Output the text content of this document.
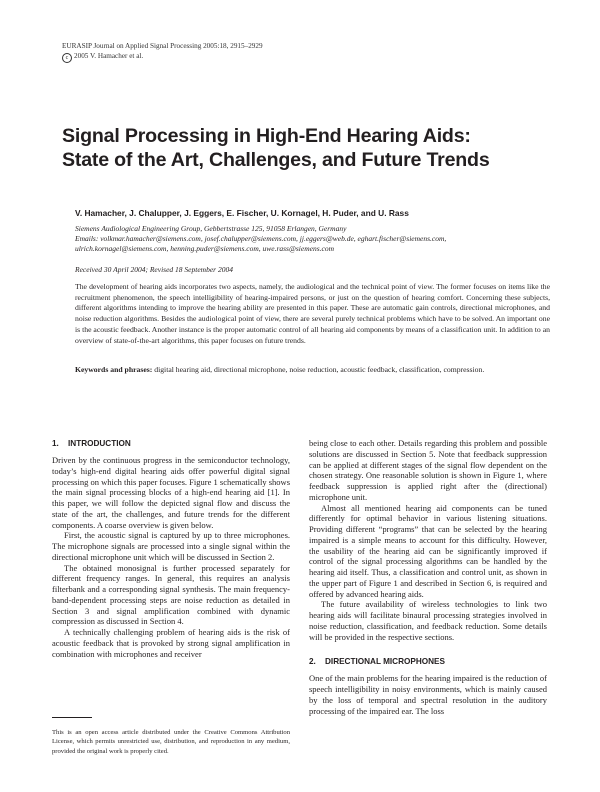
EURASIP Journal on Applied Signal Processing 2005:18, 2915–2929
c 2005 V. Hamacher et al.
Signal Processing in High-End Hearing Aids:
State of the Art, Challenges, and Future Trends
V. Hamacher, J. Chalupper, J. Eggers, E. Fischer, U. Kornagel, H. Puder, and U. Rass
Siemens Audiological Engineering Group, Gebbertstrasse 125, 91058 Erlangen, Germany
Emails: volkmar.hamacher@siemens.com, josef.chalupper@siemens.com, jj.eggers@web.de, eghart.fischer@siemens.com,
ulrich.kornagel@siemens.com, henning.puder@siemens.com, uwe.rass@siemens.com
Received 30 April 2004; Revised 18 September 2004

The development of hearing aids incorporates two aspects, namely, the audiological and the technical point of view. The former focuses on items like the recruitment phenomenon, the speech intelligibility of hearing-impaired persons, or just on the question of hearing comfort. Concerning these subjects, different algorithms intending to improve the hearing ability are presented in this paper. These are automatic gain controls, directional microphones, and noise reduction algorithms. Besides the audiological point of view, there are several purely technical problems which have to be solved. An important one is the acoustic feedback. Another instance is the proper automatic control of all hearing aid components by means of a classification unit. In addition to an overview of state-of-the-art algorithms, this paper focuses on future trends.

Keywords and phrases: digital hearing aid, directional microphone, noise reduction, acoustic feedback, classification, compression.

1. INTRODUCTION

Driven by the continuous progress in the semiconductor technology, today’s high-end digital hearing aids offer powerful digital signal processing on which this paper focuses. Figure 1 schematically shows the main signal processing blocks of a high-end hearing aid [1]. In this paper, we will follow the depicted signal flow and discuss the state of the art, the challenges, and future trends for the different components. A coarse overview is given below.

First, the acoustic signal is captured by up to three microphones. The microphone signals are processed into a single signal within the directional microphone unit which will be discussed in Section 2.

The obtained monosignal is further processed separately for different frequency ranges. In general, this requires an analysis filterbank and a corresponding signal synthesis. The main frequency-band-dependent processing steps are noise reduction as detailed in Section 3 and signal amplification combined with dynamic compression as discussed in Section 4.

A technically challenging problem of hearing aids is the risk of acoustic feedback that is provoked by strong signal amplification in combination with microphones and receiver

being close to each other. Details regarding this problem and possible solutions are discussed in Section 5. Note that feedback suppression can be applied at different stages of the signal flow dependent on the chosen strategy. One reasonable solution is shown in Figure 1, where feedback suppression is applied right after the (directional) microphone unit.

Almost all mentioned hearing aid components can be tuned differently for optimal behavior in various listening situations. Providing different “programs” that can be selected by the hearing impaired is a simple means to account for this difficulty. However, the usability of the hearing aid can be significantly improved if control of the signal processing algorithms can be handled by the hearing aid itself. Thus, a classification and control unit, as shown in the upper part of Figure 1 and described in Section 6, is required and offered by advanced hearing aids.

The future availability of wireless technologies to link two hearing aids will facilitate binaural processing strategies involved in noise reduction, classification, and feedback reduction. Some details will be provided in the respective sections.

2. DIRECTIONAL MICROPHONES

One of the main problems for the hearing impaired is the reduction of speech intelligibility in noisy environments, which is mainly caused by the loss of temporal and spectral resolution in the auditory processing of the impaired ear. The loss

This is an open access article distributed under the Creative Commons Attribution License, which permits unrestricted use, distribution, and reproduction in any medium, provided the original work is properly cited.
